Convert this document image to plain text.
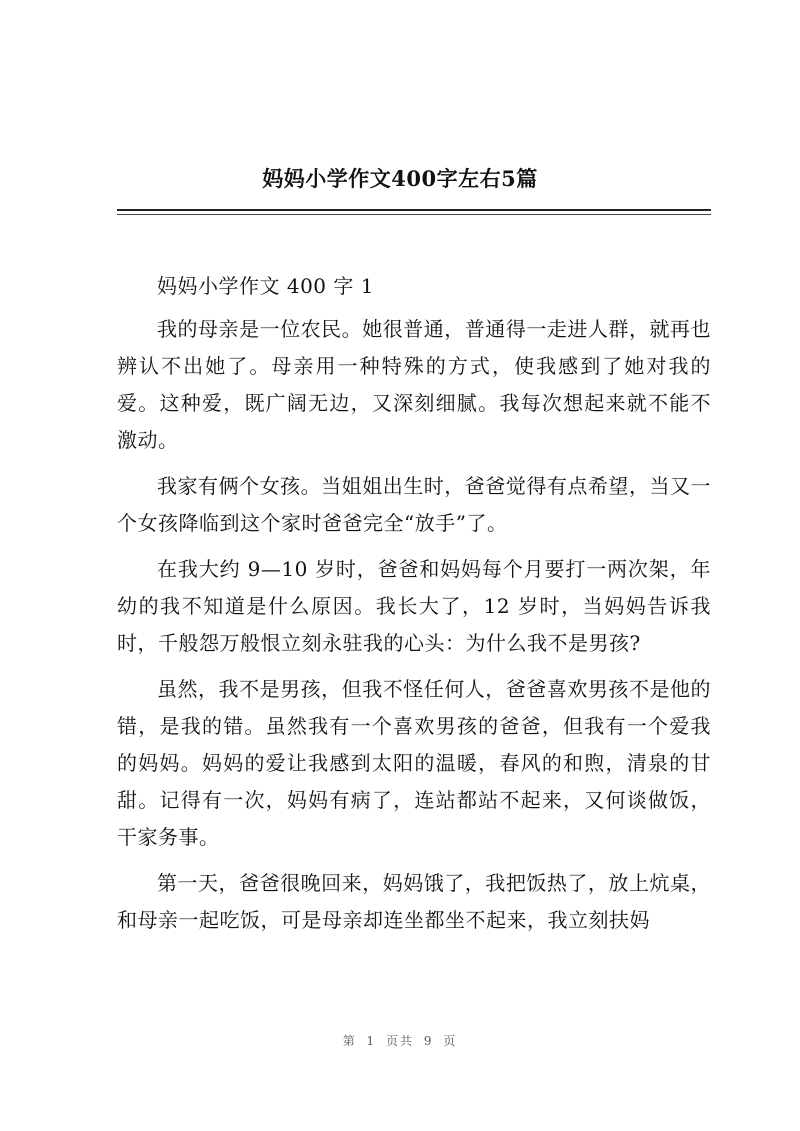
妈妈小学作文400字左右5篇

妈妈小学作文 400 字 1

我的母亲是一位农民。她很普通，普通得一走进人群，就再也辨认不出她了。母亲用一种特殊的方式，使我感到了她对我的爱。这种爱，既广阔无边，又深刻细腻。我每次想起来就不能不激动。

我家有俩个女孩。当姐姐出生时，爸爸觉得有点希望，当又一个女孩降临到这个家时爸爸完全“放手”了。

在我大约 9—10 岁时，爸爸和妈妈每个月要打一两次架，年幼的我不知道是什么原因。我长大了，12 岁时，当妈妈告诉我时，千般怨万般恨立刻永驻我的心头：为什么我不是男孩?

虽然，我不是男孩，但我不怪任何人，爸爸喜欢男孩不是他的错，是我的错。虽然我有一个喜欢男孩的爸爸，但我有一个爱我的妈妈。妈妈的爱让我感到太阳的温暖，春风的和煦，清泉的甘甜。记得有一次，妈妈有病了，连站都站不起来，又何谈做饭，干家务事。

第一天，爸爸很晚回来，妈妈饿了，我把饭热了，放上炕桌，和母亲一起吃饭，可是母亲却连坐都坐不起来，我立刻扶妈

第 1 页共 9 页
